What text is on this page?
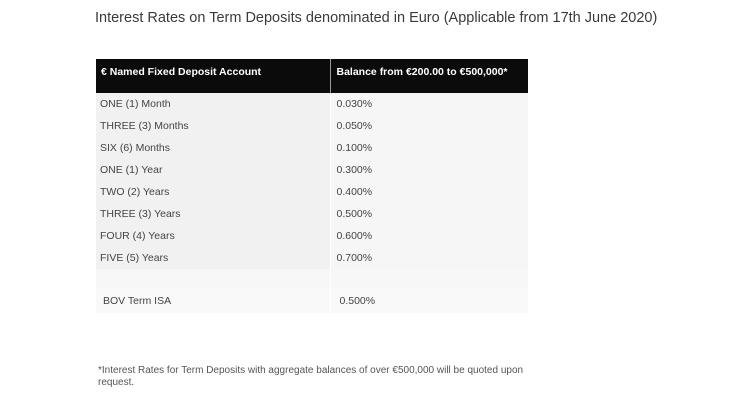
Interest Rates on Term Deposits denominated in Euro (Applicable from 17th June 2020)
€ Named Fixed Deposit Account	Balance from €200.00 to €500,000*
ONE (1) Month	0.030%
THREE (3) Months	0.050%
SIX (6) Months	0.100%
ONE (1) Year	0.300%
TWO (2) Years	0.400%
THREE (3) Years	0.500%
FOUR (4) Years	0.600%
FIVE (5) Years	0.700%

BOV Term ISA	0.500%
*Interest Rates for Term Deposits with aggregate balances of over €500,000 will be quoted upon request.
